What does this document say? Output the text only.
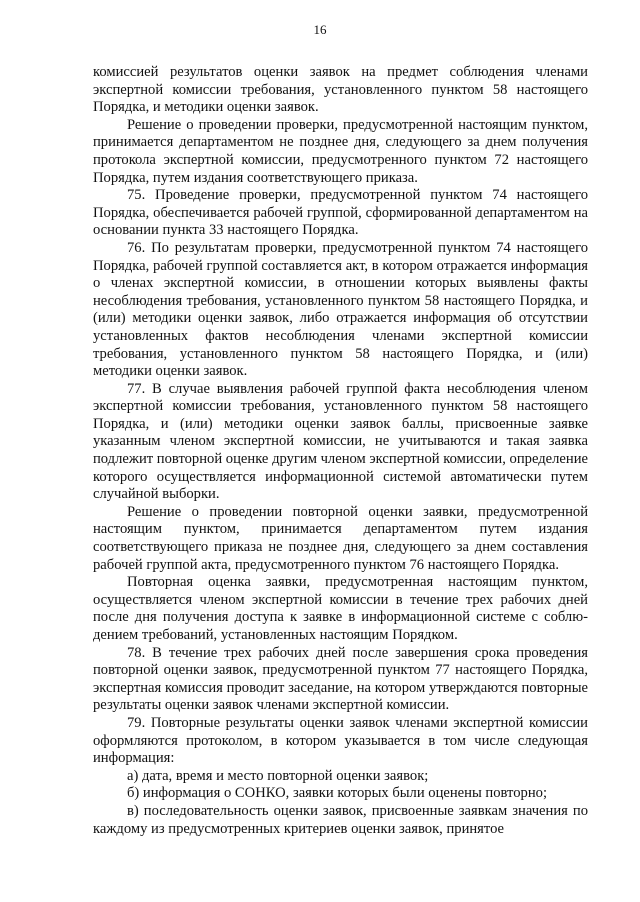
16

комиссией результатов оценки заявок на предмет соблюдения членами экспертной комиссии требования, установленного пунктом 58 настоящего Порядка, и методики оценки заявок.

Решение о проведении проверки, предусмотренной настоящим пунктом, принимается департаментом не позднее дня, следующего за днем получения протокола экспертной комиссии, предусмотренного пунктом 72 настоящего Порядка, путем издания соответствующего приказа.

75. Проведение проверки, предусмотренной пунктом 74 настоящего Порядка, обеспечивается рабочей группой, сформированной департаментом на основании пункта 33 настоящего Порядка.

76. По результатам проверки, предусмотренной пунктом 74 настоящего Порядка, рабочей группой составляется акт, в котором отражается информация о членах экспертной комиссии, в отношении которых выявлены факты несоблюдения требования, установленного пунктом 58 настоящего Порядка, и (или) методики оценки заявок, либо отражается информация об отсутствии установленных фактов несоблюдения членами экспертной комиссии требования, установленного пунктом 58 настоящего Порядка, и (или) методики оценки заявок.

77. В случае выявления рабочей группой факта несоблюдения членом экспертной комиссии требования, установленного пунктом 58 настоящего Порядка, и (или) методики оценки заявок баллы, присвоенные заявке указанным членом экспертной комиссии, не учитываются и такая заявка подлежит повторной оценке другим членом экспертной комиссии, определение которого осуществляется информационной системой автоматически путем случайной выборки.

Решение о проведении повторной оценки заявки, предусмотренной настоящим пунктом, принимается департаментом путем издания соответствующего приказа не позднее дня, следующего за днем составления рабочей группой акта, предусмотренного пунктом 76 настоящего Порядка.

Повторная оценка заявки, предусмотренная настоящим пунктом, осуществляется членом экспертной комиссии в течение трех рабочих дней после дня получения доступа к заявке в информационной системе с соблюдением требований, установленных настоящим Порядком.

78. В течение трех рабочих дней после завершения срока проведения повторной оценки заявок, предусмотренной пунктом 77 настоящего Порядка, экспертная комиссия проводит заседание, на котором утверждаются повторные результаты оценки заявок членами экспертной комиссии.

79. Повторные результаты оценки заявок членами экспертной комиссии оформляются протоколом, в котором указывается в том числе следующая информация:

а) дата, время и место повторной оценки заявок;

б) информация о СОНКО, заявки которых были оценены повторно;

в) последовательность оценки заявок, присвоенные заявкам значения по каждому из предусмотренных критериев оценки заявок, принятое
